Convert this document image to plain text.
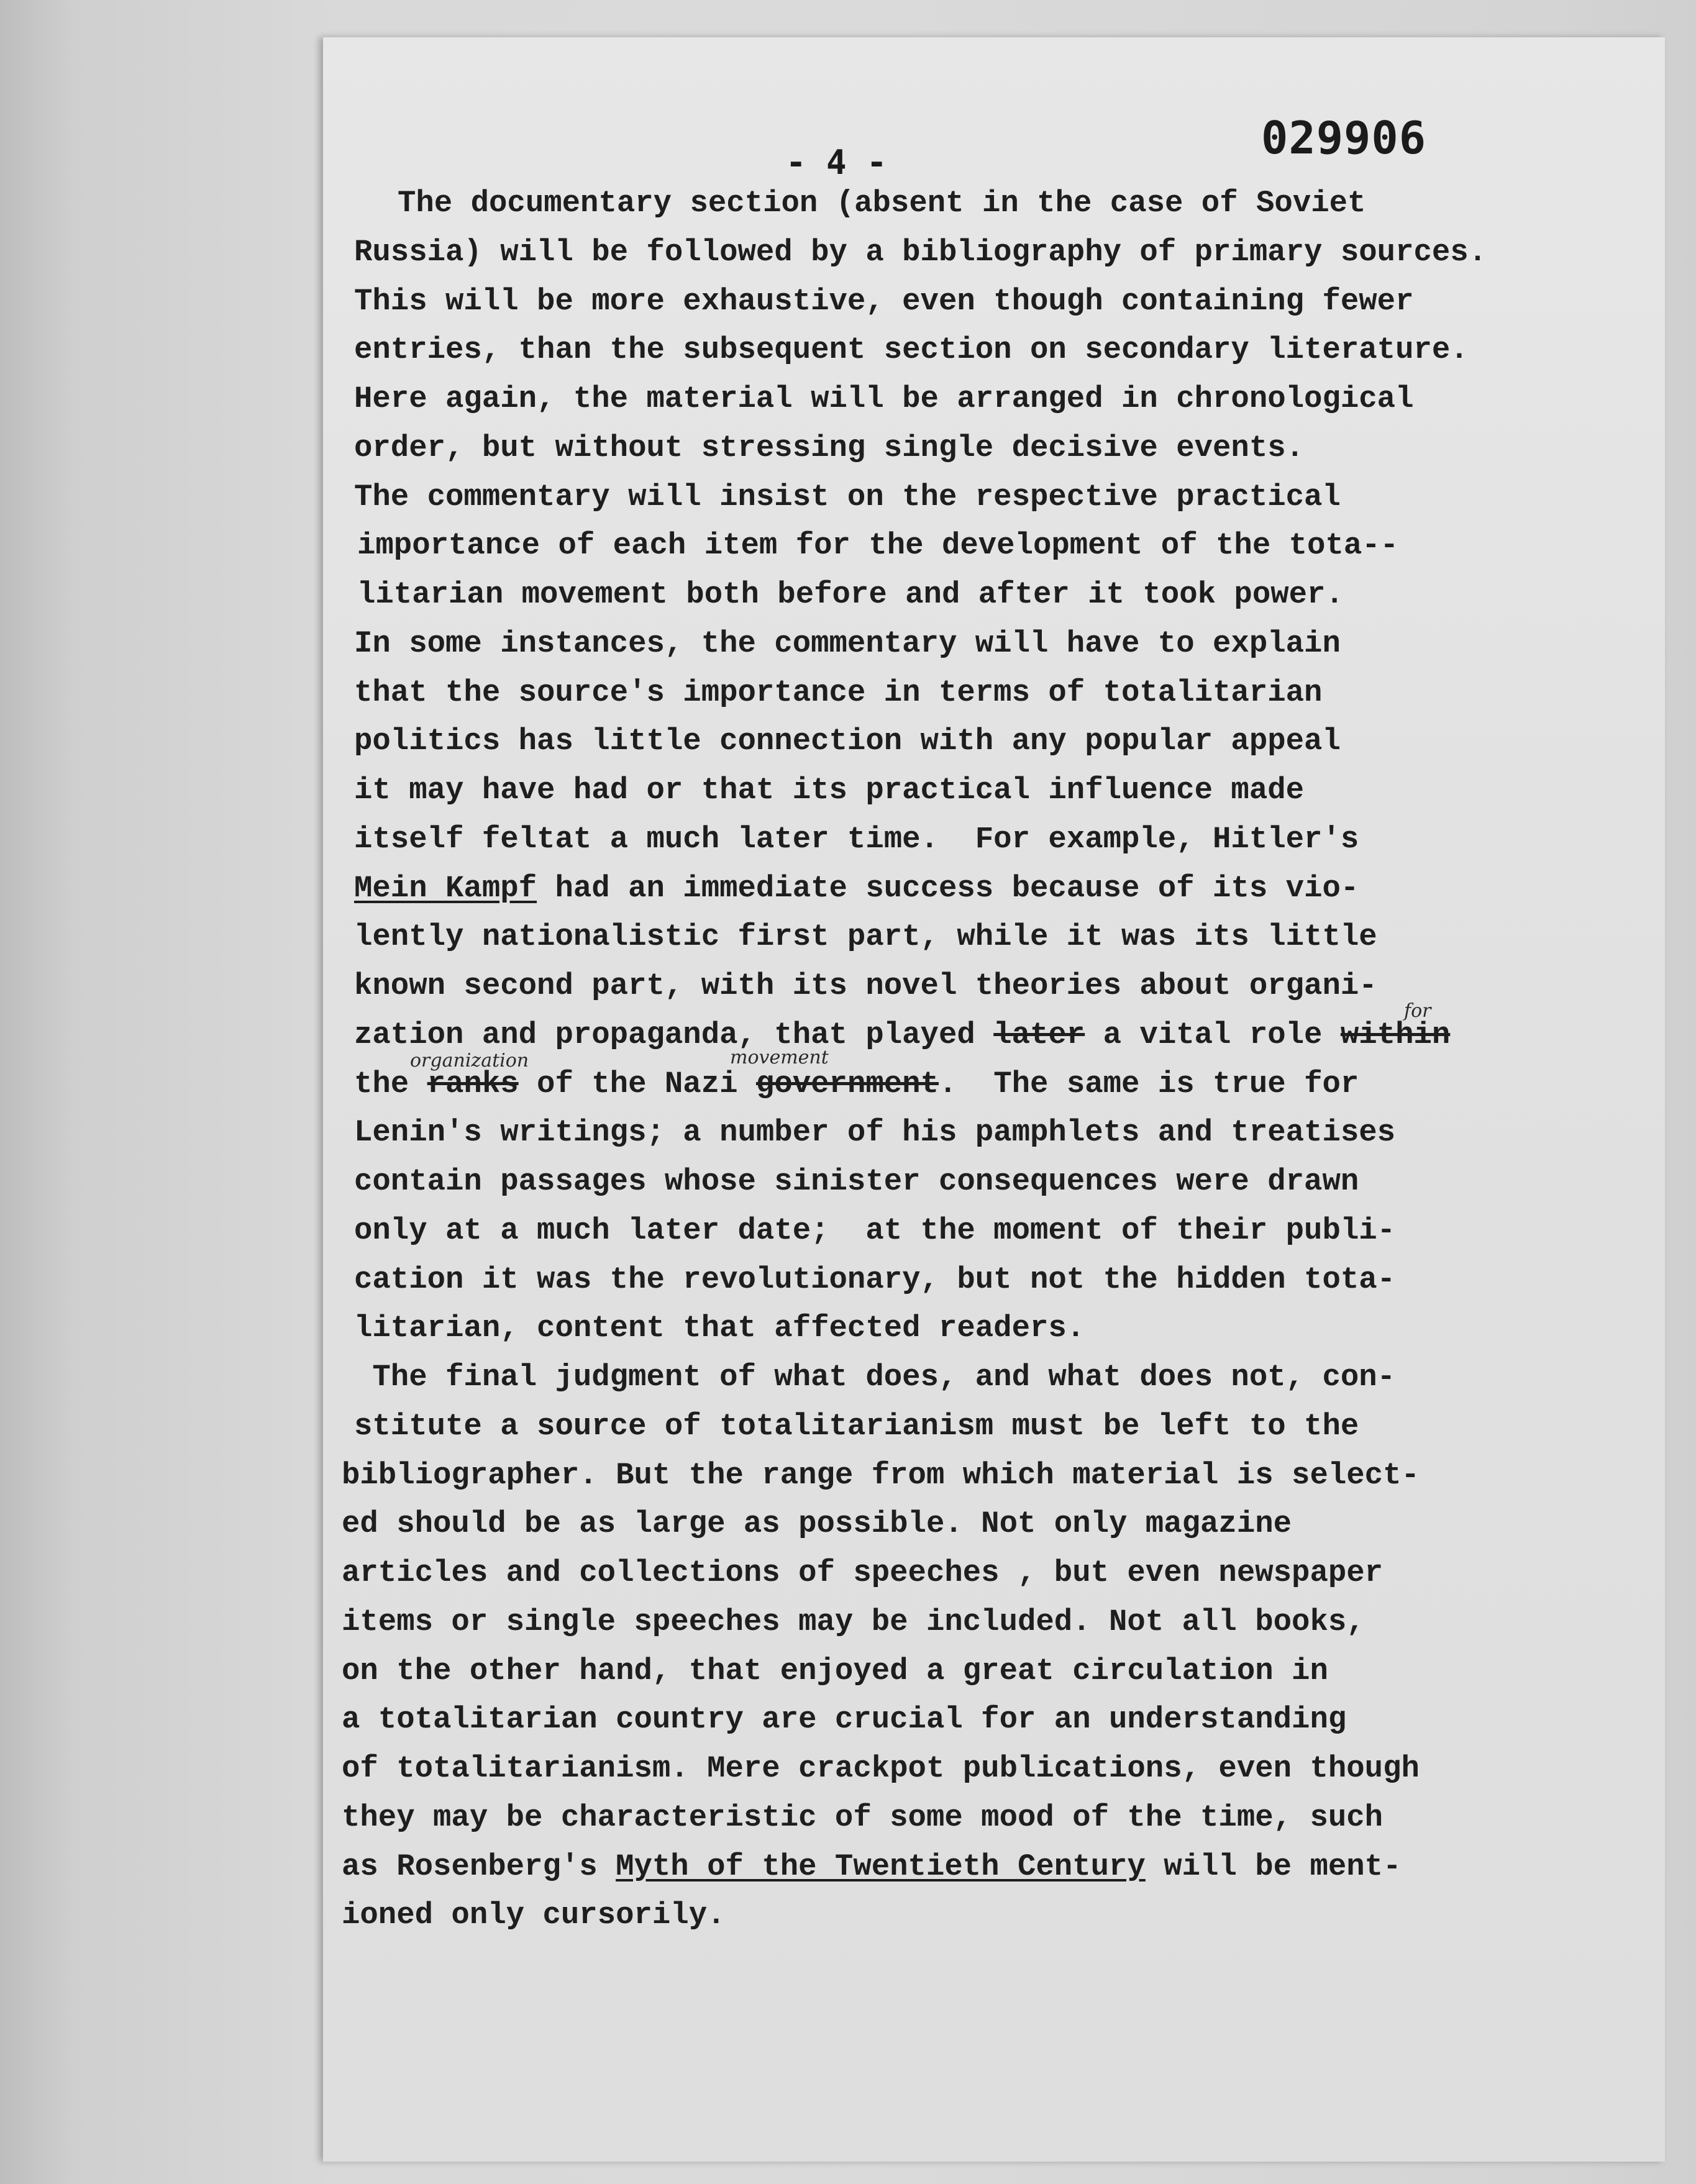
029906
- 4 -
The documentary section (absent in the case of Soviet
Russia) will be followed by a bibliography of primary sources.
This will be more exhaustive, even though containing fewer
entries, than the subsequent section on secondary literature.
Here again, the material will be arranged in chronological
order, but without stressing single decisive events.
The commentary will insist on the respective practical
importance of each item for the development of the tota--
litarian movement both before and after it took power.
In some instances, the commentary will have to explain
that the source's importance in terms of totalitarian
politics has little connection with any popular appeal
it may have had or that its practical influence made
itself feltat a much later time.  For example, Hitler's
Mein Kampf had an immediate success because of its vio-
lently nationalistic first part, while it was its little
known second part, with its novel theories about organi-
for
zation and propaganda, that played later a vital role within
organization	movement
the ranks of the Nazi government.  The same is true for
Lenin's writings; a number of his pamphlets and treatises
contain passages whose sinister consequences were drawn
only at a much later date;  at the moment of their publi-
cation it was the revolutionary, but not the hidden tota-
litarian, content that affected readers.
The final judgment of what does, and what does not, con-
stitute a source of totalitarianism must be left to the
bibliographer. But the range from which material is select-
ed should be as large as possible. Not only magazine
articles and collections of speeches , but even newspaper
items or single speeches may be included. Not all books,
on the other hand, that enjoyed a great circulation in
a totalitarian country are crucial for an understanding
of totalitarianism. Mere crackpot publications, even though
they may be characteristic of some mood of the time, such
as Rosenberg's Myth of the Twentieth Century will be ment-
ioned only cursorily.
